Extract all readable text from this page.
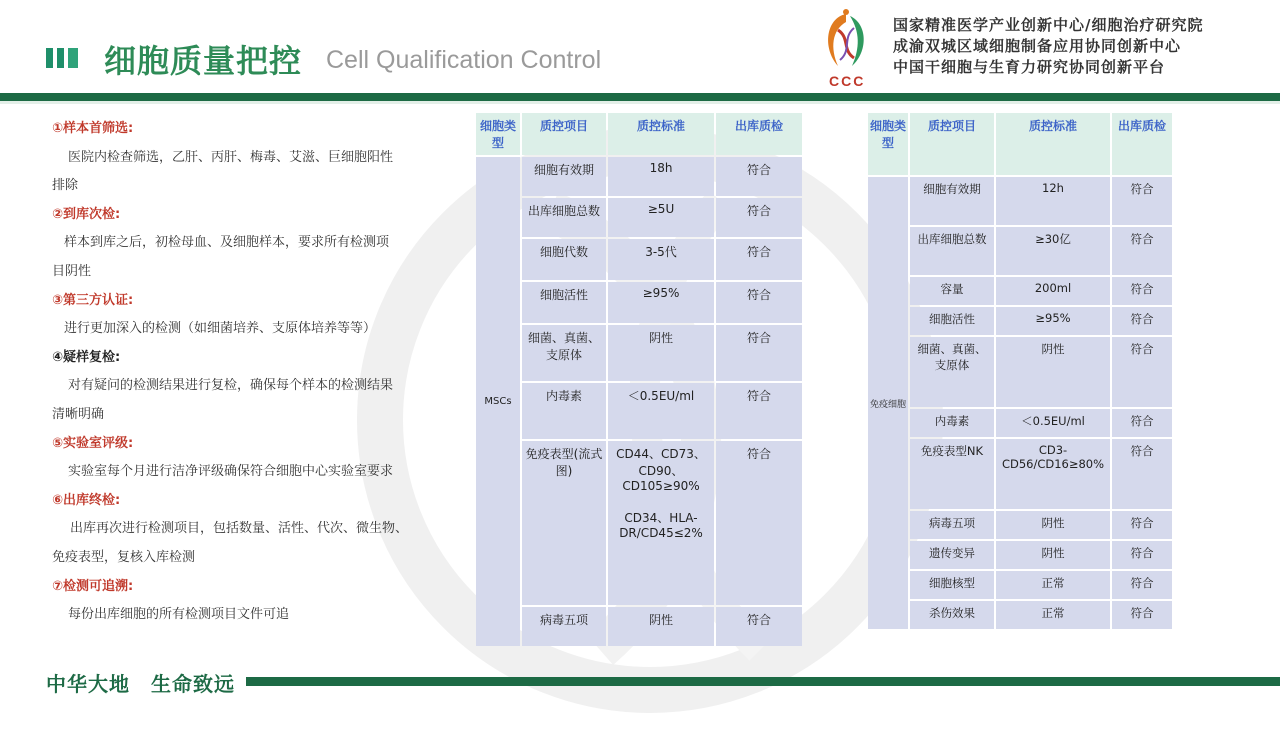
细胞质量把控 Cell Qualification Control
CCC
国家精准医学产业创新中心/细胞治疗研究院
成渝双城区域细胞制备应用协同创新中心
中国干细胞与生育力研究协同创新平台
①样本首筛选:
医院内检查筛选，乙肝、丙肝、梅毒、艾滋、巨细胞阳性
排除
②到库次检:
样本到库之后，初检母血、及细胞样本，要求所有检测项
目阴性
③第三方认证:
进行更加深入的检测（如细菌培养、支原体培养等等）
④疑样复检:
对有疑问的检测结果进行复检，确保每个样本的检测结果
清晰明确
⑤实验室评级:
实验室每个月进行洁净评级确保符合细胞中心实验室要求
⑥出库终检:
出库再次进行检测项目，包括数量、活性、代次、微生物、
免疫表型，复核入库检测
⑦检测可追溯:
每份出库细胞的所有检测项目文件可追
细胞类型	质控项目	质控标准	出库质检
MSCs	细胞有效期	18h	符合
	出库细胞总数	≥5U	符合
	细胞代数	3-5代	符合
	细胞活性	≥95%	符合
	细菌、真菌、支原体	阴性	符合
	内毒素	＜0.5EU/ml	符合
	免疫表型(流式图)	CD44、CD73、CD90、CD105≥90%
CD34、HLA-DR/CD45≤2%	符合
	病毒五项	阴性	符合
细胞类型	质控项目	质控标准	出库质检
免疫细胞	细胞有效期	12h	符合
	出库细胞总数	≥30亿	符合
	容量	200ml	符合
	细胞活性	≥95%	符合
	细菌、真菌、支原体	阴性	符合
	内毒素	＜0.5EU/ml	符合
	免疫表型NK	CD3-CD56/CD16≥80%	符合
	病毒五项	阴性	符合
	遗传变异	阴性	符合
	细胞核型	正常	符合
	杀伤效果	正常	符合
中华大地　生命致远
